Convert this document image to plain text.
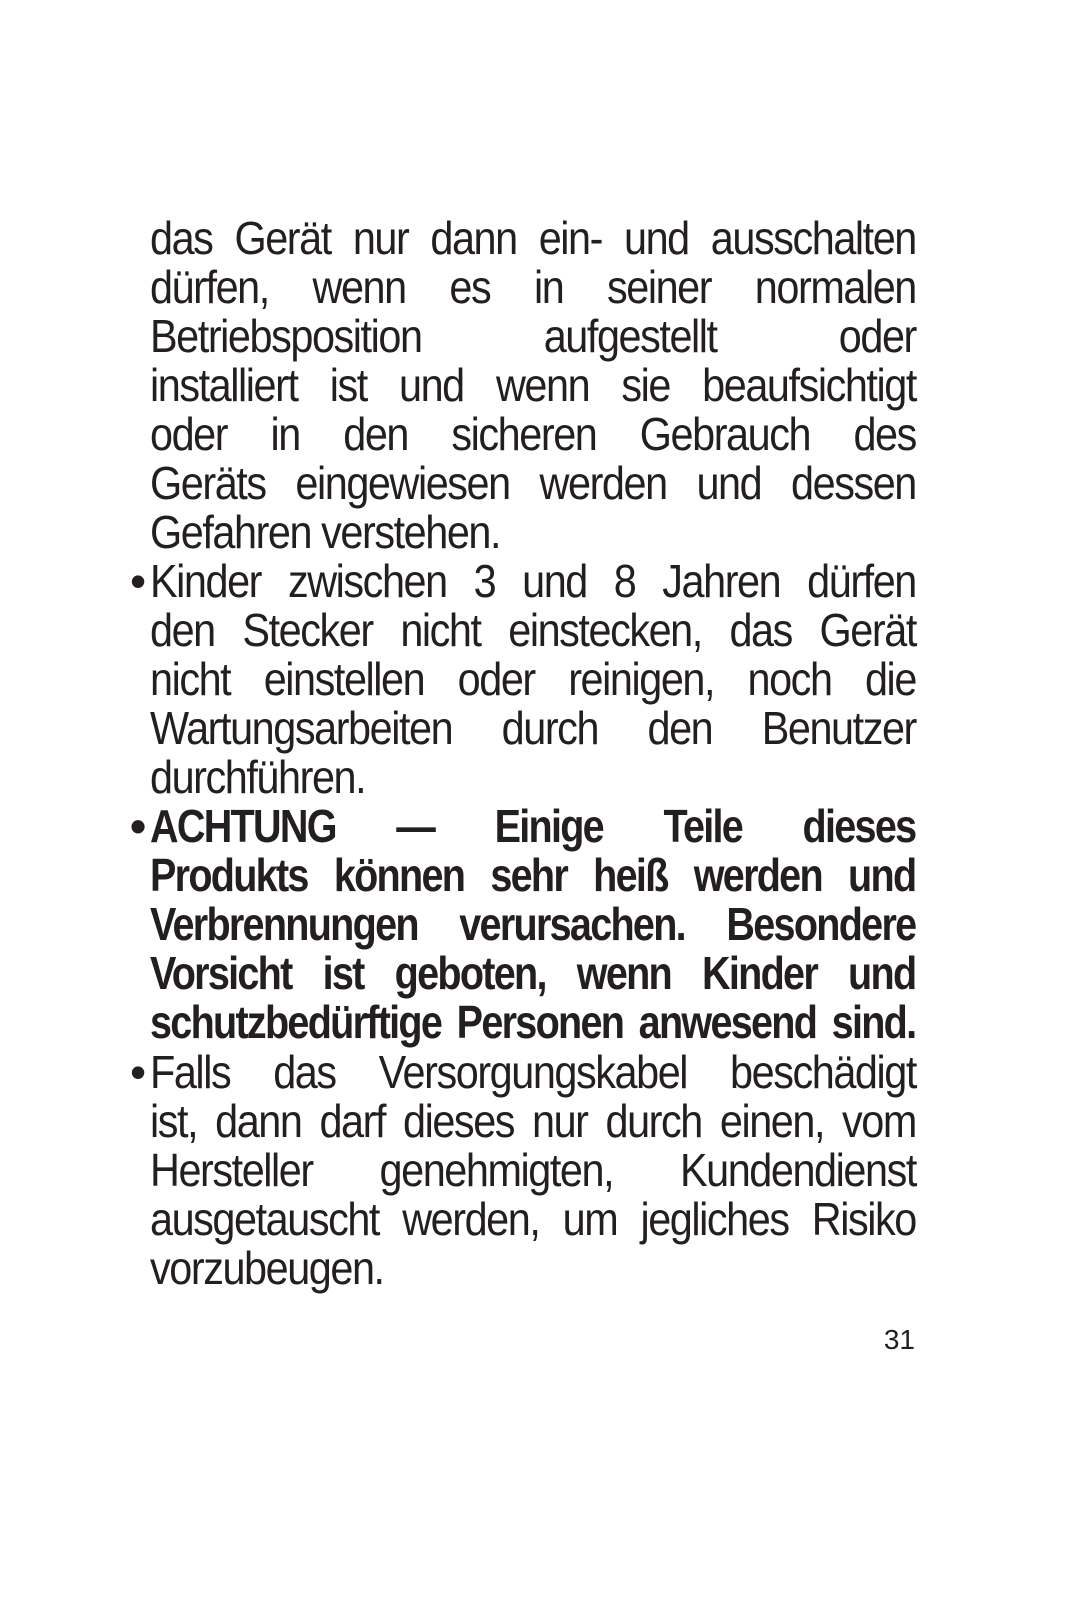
das Gerät nur dann ein- und ausschalten
dürfen, wenn es in seiner normalen
Betriebsposition aufgestellt oder
installiert ist und wenn sie beaufsichtigt
oder in den sicheren Gebrauch des
Geräts eingewiesen werden und dessen
Gefahren verstehen.
• Kinder zwischen 3 und 8 Jahren dürfen
den Stecker nicht einstecken, das Gerät
nicht einstellen oder reinigen, noch die
Wartungsarbeiten durch den Benutzer
durchführen.
• ACHTUNG — Einige Teile dieses
Produkts können sehr heiß werden und
Verbrennungen verursachen. Besondere
Vorsicht ist geboten, wenn Kinder und
schutzbedürftige Personen anwesend sind.
• Falls das Versorgungskabel beschädigt
ist, dann darf dieses nur durch einen, vom
Hersteller genehmigten, Kundendienst
ausgetauscht werden, um jegliches Risiko
vorzubeugen.
31
